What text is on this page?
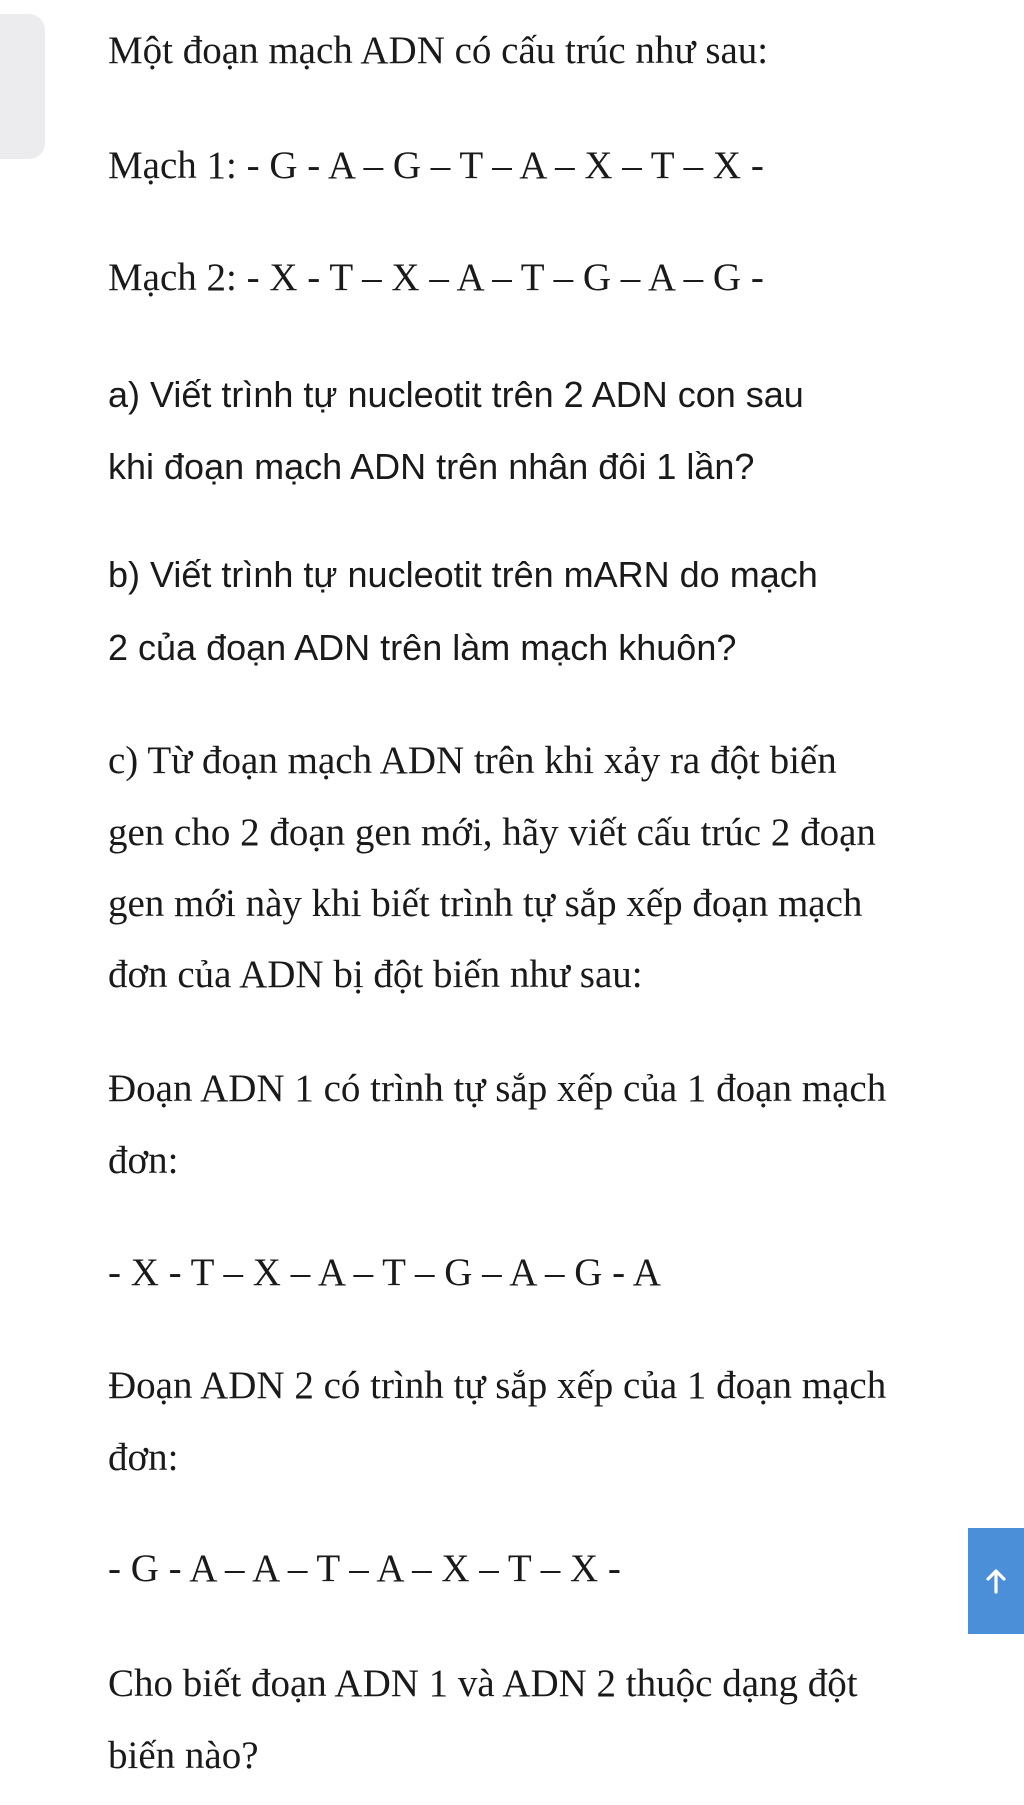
Một đoạn mạch ADN có cấu trúc như sau:
Mạch 1: - G - A – G – T – A – X – T – X -
Mạch 2: - X - T – X – A – T – G – A – G -
a) Viết trình tự nucleotit trên 2 ADN con sau
khi đoạn mạch ADN trên nhân đôi 1 lần?
b) Viết trình tự nucleotit trên mARN do mạch
2 của đoạn ADN trên làm mạch khuôn?
c) Từ đoạn mạch ADN trên khi xảy ra đột biến
gen cho 2 đoạn gen mới, hãy viết cấu trúc 2 đoạn
gen mới này khi biết trình tự sắp xếp đoạn mạch
đơn của ADN bị đột biến như sau:
Đoạn ADN 1 có trình tự sắp xếp của 1 đoạn mạch
đơn:
- X - T – X – A – T – G – A – G - A
Đoạn ADN 2 có trình tự sắp xếp của 1 đoạn mạch
đơn:
- G - A – A – T – A – X – T – X -
Cho biết đoạn ADN 1 và ADN 2 thuộc dạng đột
biến nào?
